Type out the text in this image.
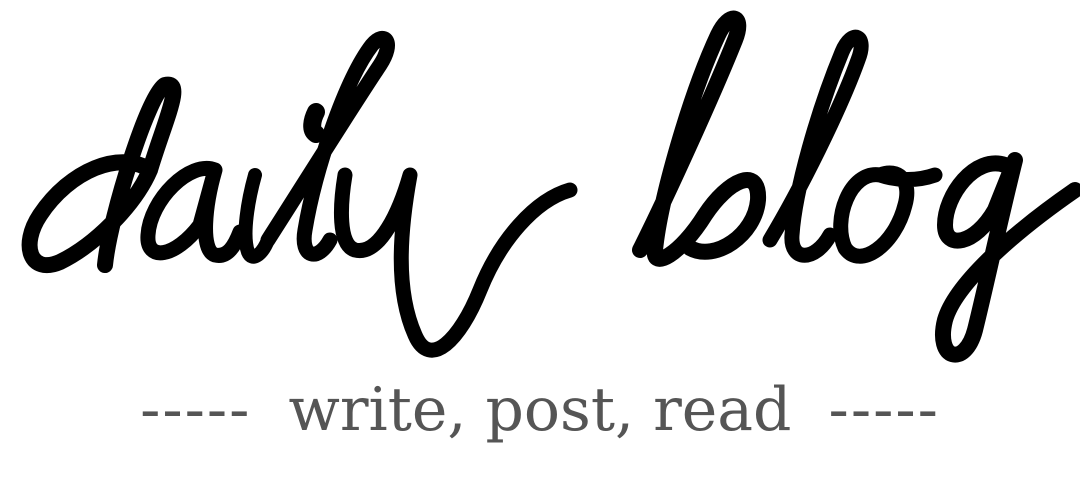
----- write, post, read -----
